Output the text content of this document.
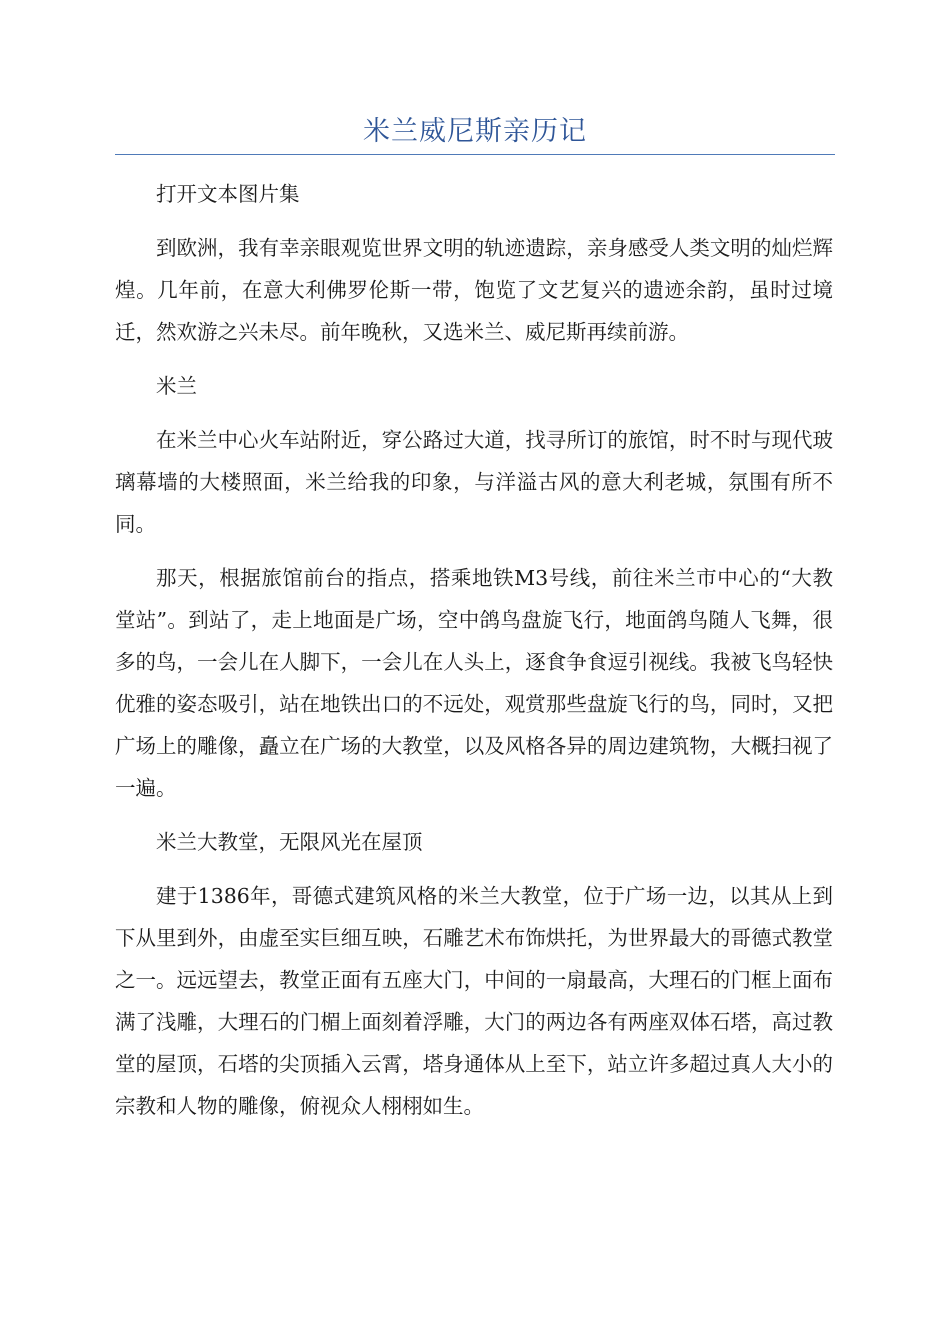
米兰威尼斯亲历记

打开文本图片集

到欧洲，我有幸亲眼观览世界文明的轨迹遗踪，亲身感受人类文明的灿烂辉煌。几年前，在意大利佛罗伦斯一带，饱览了文艺复兴的遗迹余韵，虽时过境迁，然欢游之兴未尽。前年晚秋，又选米兰、威尼斯再续前游。

米兰

在米兰中心火车站附近，穿公路过大道，找寻所订的旅馆，时不时与现代玻璃幕墙的大楼照面，米兰给我的印象，与洋溢古风的意大利老城，氛围有所不同。

那天，根据旅馆前台的指点，搭乘地铁M3号线，前往米兰市中心的“大教堂站”。到站了，走上地面是广场，空中鸽鸟盘旋飞行，地面鸽鸟随人飞舞，很多的鸟，一会儿在人脚下，一会儿在人头上，逐食争食逗引视线。我被飞鸟轻快优雅的姿态吸引，站在地铁出口的不远处，观赏那些盘旋飞行的鸟，同时，又把广场上的雕像，矗立在广场的大教堂，以及风格各异的周边建筑物，大概扫视了一遍。

米兰大教堂，无限风光在屋顶

建于1386年，哥德式建筑风格的米兰大教堂，位于广场一边，以其从上到下从里到外，由虚至实巨细互映，石雕艺术布饰烘托，为世界最大的哥德式教堂之一。远远望去，教堂正面有五座大门，中间的一扇最高，大理石的门框上面布满了浅雕，大理石的门楣上面刻着浮雕，大门的两边各有两座双体石塔，高过教堂的屋顶，石塔的尖顶插入云霄，塔身通体从上至下，站立许多超过真人大小的宗教和人物的雕像，俯视众人栩栩如生。
